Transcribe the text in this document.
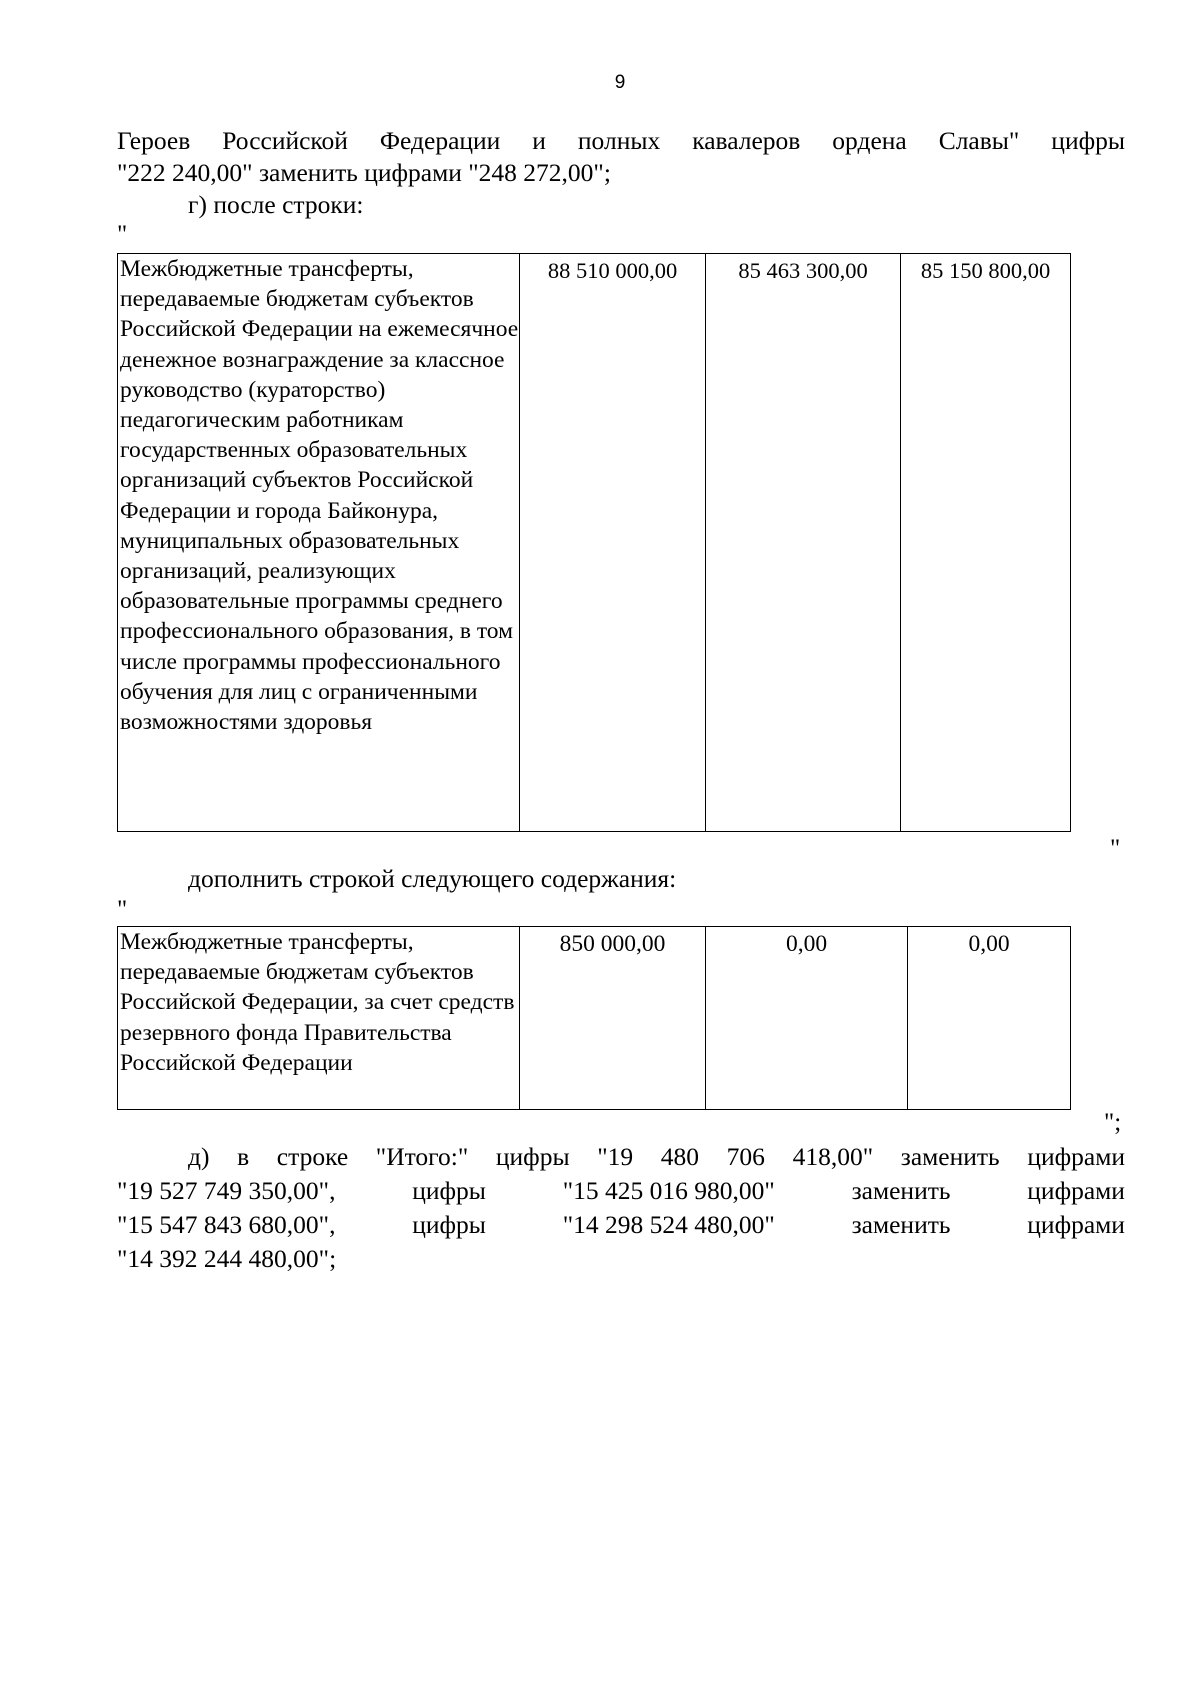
9
Героев Российской Федерации и полных кавалеров ордена Славы" цифры
"222 240,00" заменить цифрами "248 272,00";
г) после строки:
"
Межбюджетные трансферты, передаваемые бюджетам субъектов Российской Федерации на ежемесячное денежное вознаграждение за классное руководство (кураторство) педагогическим работникам государственных образовательных организаций субъектов Российской Федерации и города Байконура, муниципальных образовательных организаций, реализующих образовательные программы среднего профессионального образования, в том числе программы профессионального обучения для лиц с ограниченными возможностями здоровья	88 510 000,00	85 463 300,00	85 150 800,00
"
дополнить строкой следующего содержания:
"
Межбюджетные трансферты, передаваемые бюджетам субъектов Российской Федерации, за счет средств резервного фонда Правительства Российской Федерации	850 000,00	0,00	0,00
";
д) в строке "Итого:" цифры "19 480 706 418,00" заменить цифрами
"19 527 749 350,00",	цифры	"15 425 016 980,00"	заменить	цифрами
"15 547 843 680,00",	цифры	"14 298 524 480,00"	заменить	цифрами
"14 392 244 480,00";
